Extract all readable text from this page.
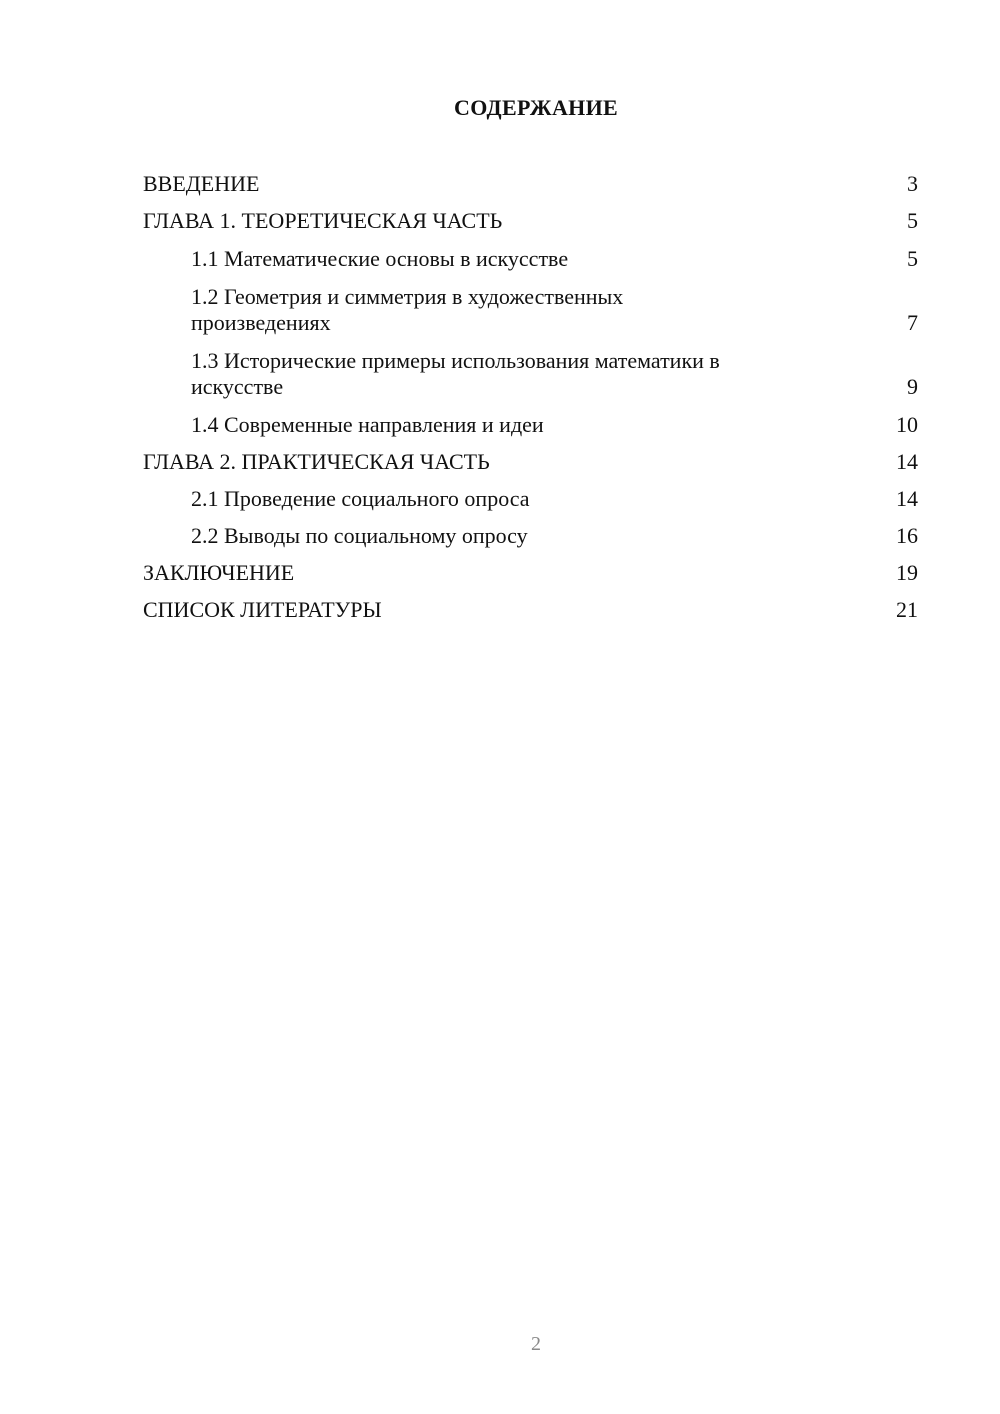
СОДЕРЖАНИЕ
ВВЕДЕНИЕ	3
ГЛАВА 1. ТЕОРЕТИЧЕСКАЯ ЧАСТЬ	5
1.1 Математические основы в искусстве	5
1.2 Геометрия и симметрия в художественных произведениях	7
1.3 Исторические примеры использования математики в искусстве	9
1.4 Современные направления и идеи	10
ГЛАВА 2. ПРАКТИЧЕСКАЯ ЧАСТЬ	14
2.1 Проведение социального опроса	14
2.2 Выводы по социальному опросу	16
ЗАКЛЮЧЕНИЕ	19
СПИСОК ЛИТЕРАТУРЫ	21
2
